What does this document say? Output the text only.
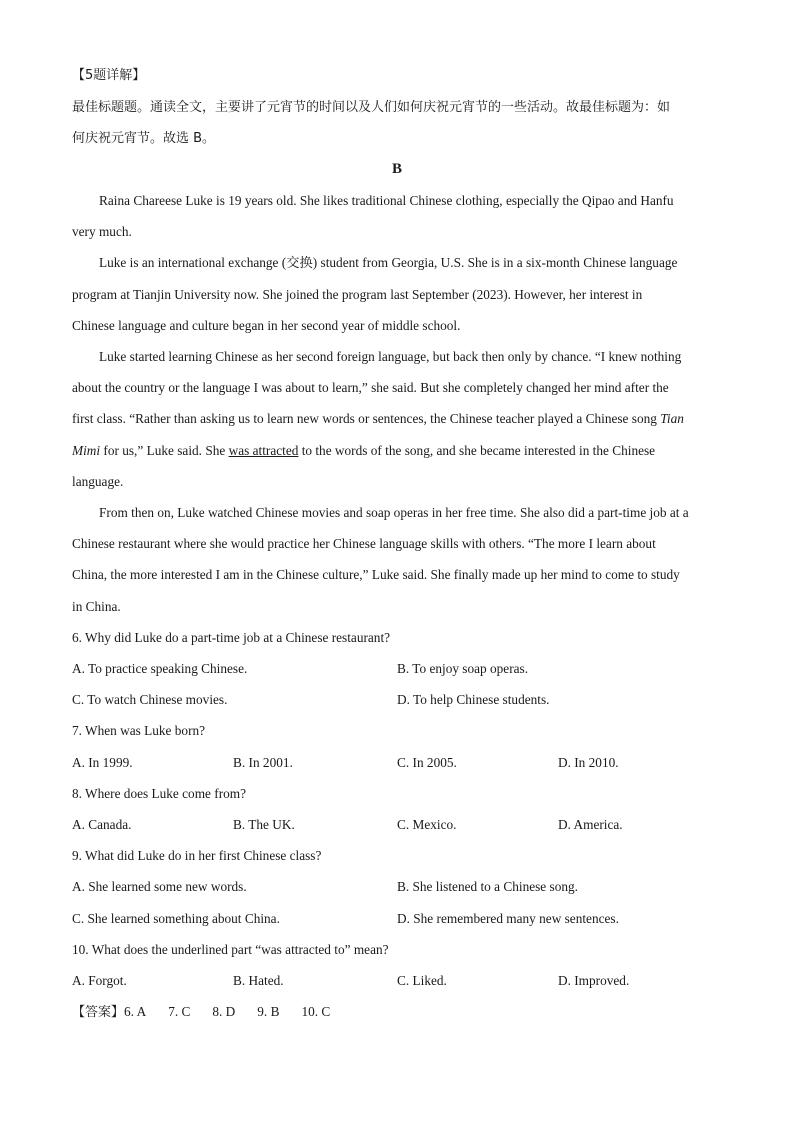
【5题详解】
最佳标题题。通读全文，主要讲了元宵节的时间以及人们如何庆祝元宵节的一些活动。故最佳标题为：如
何庆祝元宵节。故选 B。
B
Raina Chareese Luke is 19 years old. She likes traditional Chinese clothing, especially the Qipao and Hanfu
very much.
Luke is an international exchange (交换) student from Georgia, U.S. She is in a six-month Chinese language
program at Tianjin University now. She joined the program last September (2023). However, her interest in
Chinese language and culture began in her second year of middle school.
Luke started learning Chinese as her second foreign language, but back then only by chance. “I knew nothing
about the country or the language I was about to learn,” she said. But she completely changed her mind after the
first class. “Rather than asking us to learn new words or sentences, the Chinese teacher played a Chinese song Tian
Mimi for us,” Luke said. She was attracted to the words of the song, and she became interested in the Chinese
language.
From then on, Luke watched Chinese movies and soap operas in her free time. She also did a part-time job at a
Chinese restaurant where she would practice her Chinese language skills with others. “The more I learn about
China, the more interested I am in the Chinese culture,” Luke said. She finally made up her mind to come to study
in China.
6. Why did Luke do a part-time job at a Chinese restaurant?
A. To practice speaking Chinese.	B. To enjoy soap operas.
C. To watch Chinese movies.	D. To help Chinese students.
7. When was Luke born?
A. In 1999.	B. In 2001.	C. In 2005.	D. In 2010.
8. Where does Luke come from?
A. Canada.	B. The UK.	C. Mexico.	D. America.
9. What did Luke do in her first Chinese class?
A. She learned some new words.	B. She listened to a Chinese song.
C. She learned something about China.	D. She remembered many new sentences.
10. What does the underlined part “was attracted to” mean?
A. Forgot.	B. Hated.	C. Liked.	D. Improved.
【答案】6. A 7. C 8. D 9. B 10. C
